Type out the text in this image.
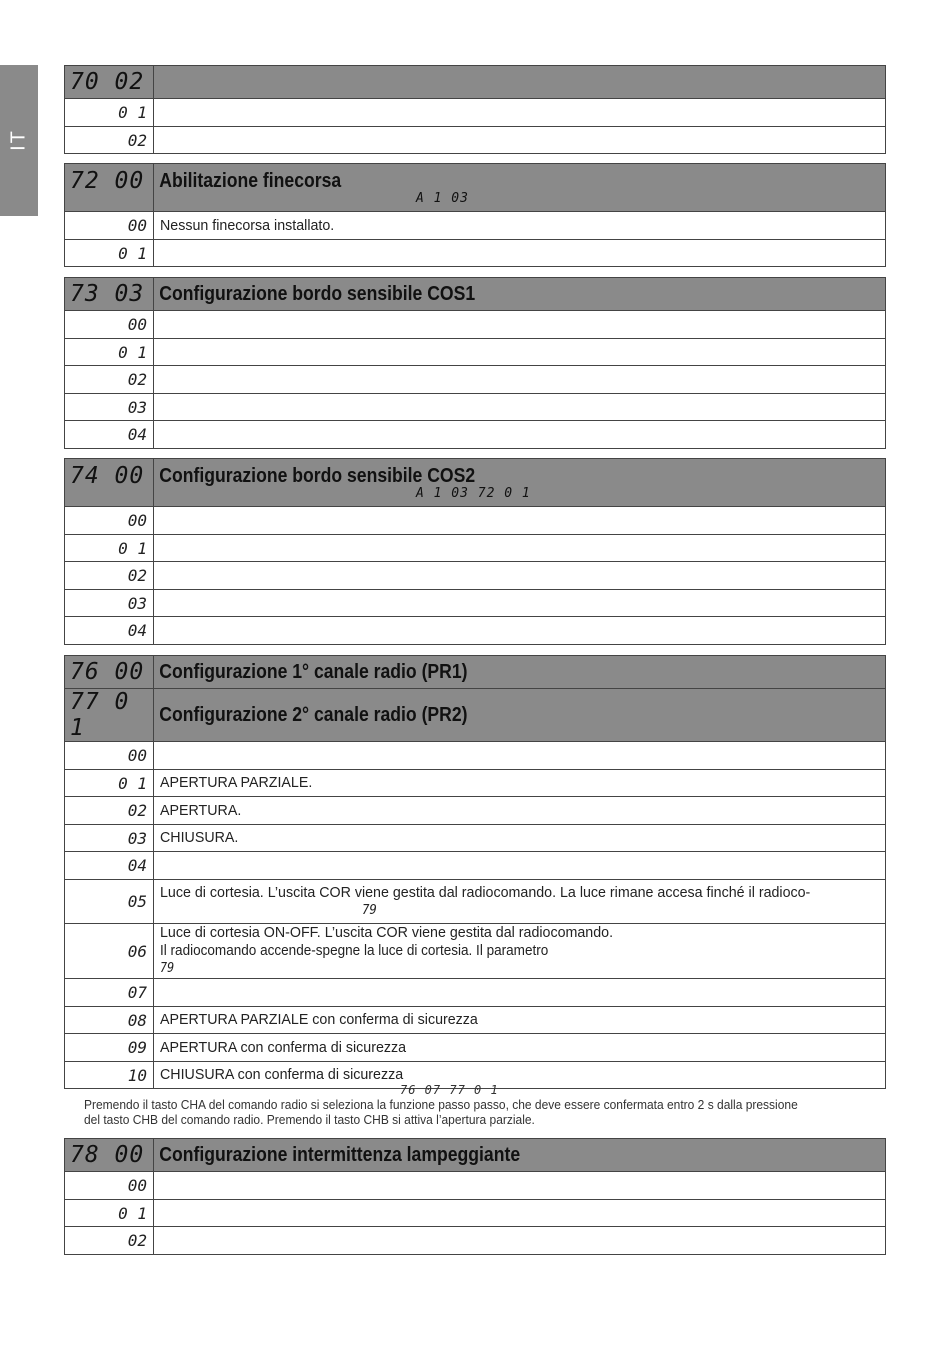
IT
70 02	

0 1	

02	
72 00	Abilitazione finecorsa
A 1 03

00	Nessun finecorsa installato.

0 1	
73 03	Configurazione bordo sensibile COS1

00	

0 1	

02	

03	

04	
74 00	Configurazione bordo sensibile COS2
A 1 03 72 0 1

00	

0 1	

02	

03	

04	
76 00	Configurazione 1° canale radio (PR1)

77 0 1	Configurazione 2° canale radio (PR2)

00	

0 1	APERTURA PARZIALE.

02	APERTURA.

03	CHIUSURA.

04	

05	Luce di cortesia. L’uscita COR viene gestita dal radiocomando. La luce rimane accesa finché il radioco-
79

06	Luce di cortesia ON-OFF. L’uscita COR viene gestita dal radiocomando.
Il radiocomando accende-spegne la luce di cortesia. Il parametro
79

07	

08	APERTURA PARZIALE con conferma di sicurezza

09	APERTURA con conferma di sicurezza

10	CHIUSURA con conferma di sicurezza
76 07 77 0 1
Premendo il tasto CHA del comando radio si seleziona la funzione passo passo, che deve essere confermata entro 2 s dalla pressione
del tasto CHB del comando radio. Premendo il tasto CHB si attiva l’apertura parziale.
78 00	Configurazione intermittenza lampeggiante

00	

0 1	

02	
